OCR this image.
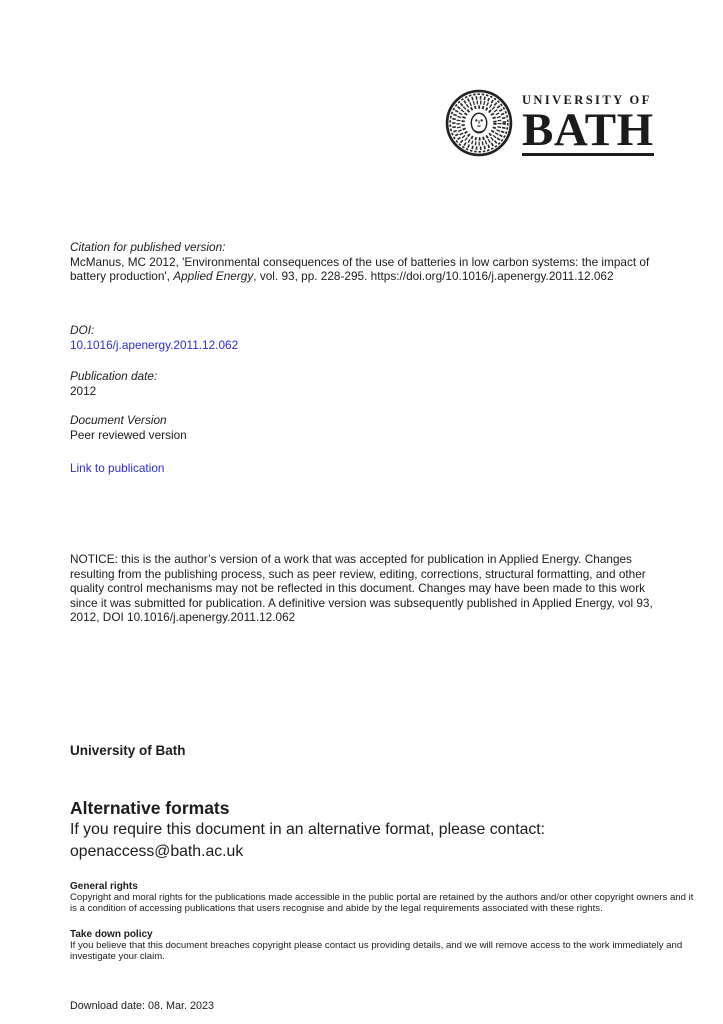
UNIVERSITY OF
BATH
Citation for published version:
McManus, MC 2012, 'Environmental consequences of the use of batteries in low carbon systems: the impact of battery production', Applied Energy, vol. 93, pp. 228-295. https://doi.org/10.1016/j.apenergy.2011.12.062
DOI:
10.1016/j.apenergy.2011.12.062
Publication date:
2012
Document Version
Peer reviewed version
Link to publication
NOTICE: this is the author’s version of a work that was accepted for publication in Applied Energy. Changes resulting from the publishing process, such as peer review, editing, corrections, structural formatting, and other quality control mechanisms may not be reflected in this document. Changes may have been made to this work since it was submitted for publication. A definitive version was subsequently published in Applied Energy, vol 93, 2012, DOI 10.1016/j.apenergy.2011.12.062
University of Bath
Alternative formats
If you require this document in an alternative format, please contact:
openaccess@bath.ac.uk
General rights
Copyright and moral rights for the publications made accessible in the public portal are retained by the authors and/or other copyright owners and it is a condition of accessing publications that users recognise and abide by the legal requirements associated with these rights.
Take down policy
If you believe that this document breaches copyright please contact us providing details, and we will remove access to the work immediately and investigate your claim.
Download date: 08. Mar. 2023
